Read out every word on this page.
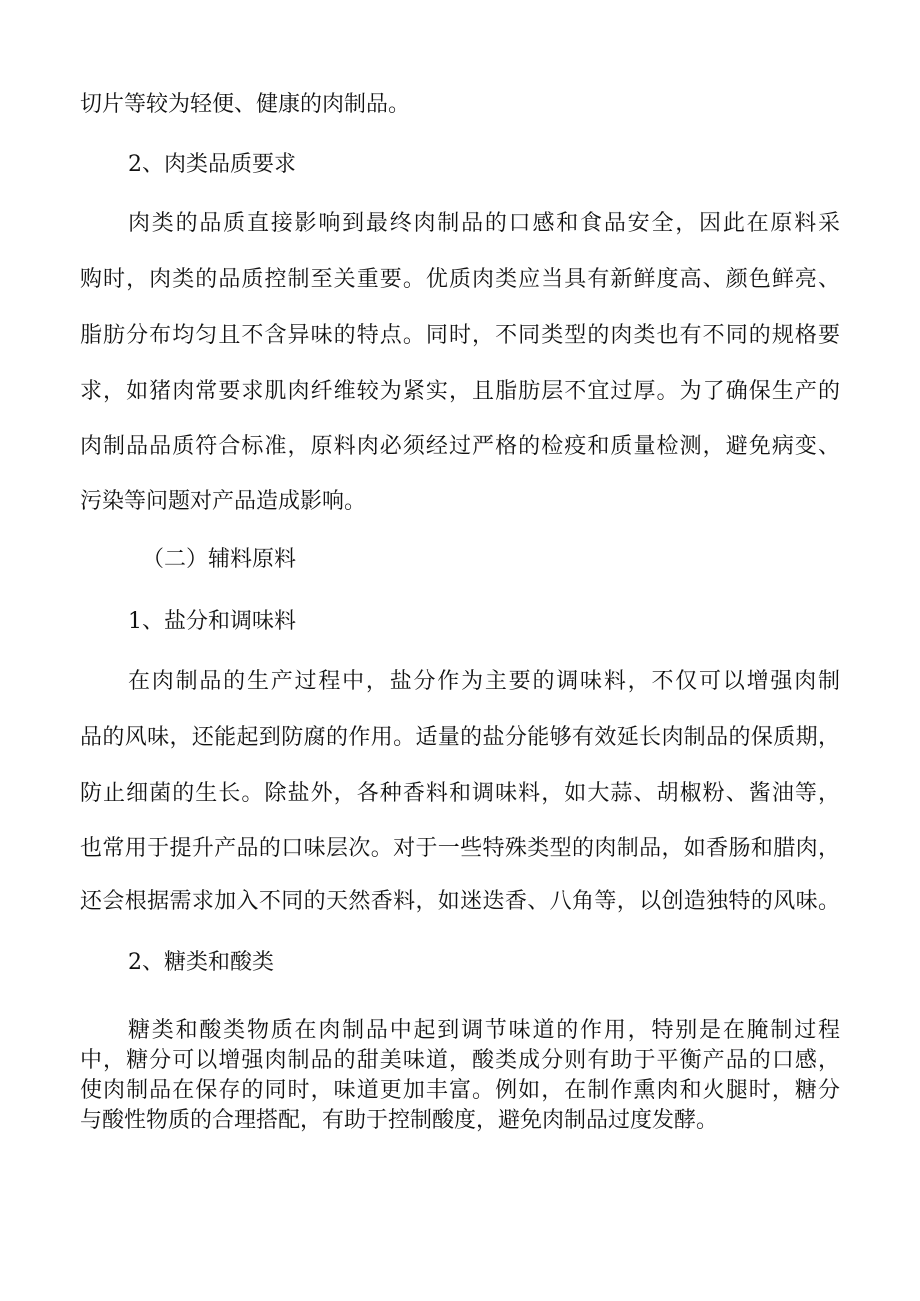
切片等较为轻便、健康的肉制品。
2、肉类品质要求
肉类的品质直接影响到最终肉制品的口感和食品安全，因此在原料采
购时，肉类的品质控制至关重要。优质肉类应当具有新鲜度高、颜色鲜亮、
脂肪分布均匀且不含异味的特点。同时，不同类型的肉类也有不同的规格要
求，如猪肉常要求肌肉纤维较为紧实，且脂肪层不宜过厚。为了确保生产的
肉制品品质符合标准，原料肉必须经过严格的检疫和质量检测，避免病变、
污染等问题对产品造成影响。
（二）辅料原料
1、盐分和调味料
在肉制品的生产过程中，盐分作为主要的调味料，不仅可以增强肉制
品的风味，还能起到防腐的作用。适量的盐分能够有效延长肉制品的保质期，
防止细菌的生长。除盐外，各种香料和调味料，如大蒜、胡椒粉、酱油等，
也常用于提升产品的口味层次。对于一些特殊类型的肉制品，如香肠和腊肉，
还会根据需求加入不同的天然香料，如迷迭香、八角等，以创造独特的风味。
2、糖类和酸类
糖类和酸类物质在肉制品中起到调节味道的作用，特别是在腌制过程
中，糖分可以增强肉制品的甜美味道，酸类成分则有助于平衡产品的口感，
使肉制品在保存的同时，味道更加丰富。例如，在制作熏肉和火腿时，糖分
与酸性物质的合理搭配，有助于控制酸度，避免肉制品过度发酵。
